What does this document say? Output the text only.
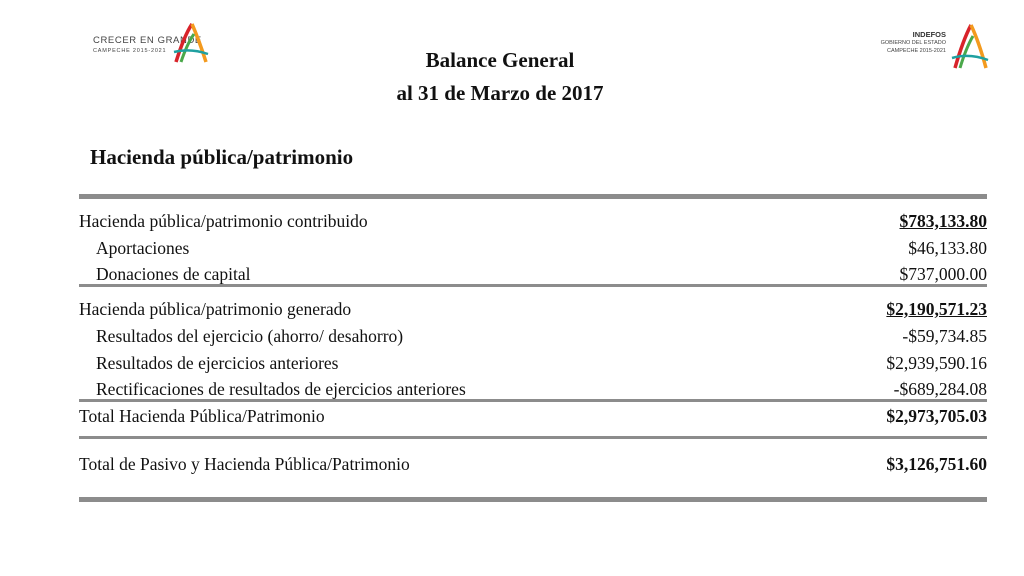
CRECER EN GRANDE
CAMPECHE 2015-2021
INDEFOS
GOBIERNO DEL ESTADO
CAMPECHE 2015-2021
Balance General
al 31 de Marzo de 2017
Hacienda pública/patrimonio
Hacienda pública/patrimonio contribuido	$783,133.80
Aportaciones	$46,133.80
Donaciones de capital	$737,000.00
Hacienda pública/patrimonio generado	$2,190,571.23
Resultados del ejercicio (ahorro/ desahorro)	-$59,734.85
Resultados de ejercicios anteriores	$2,939,590.16
Rectificaciones de resultados de ejercicios anteriores	-$689,284.08
Total Hacienda Pública/Patrimonio	$2,973,705.03
Total de Pasivo y Hacienda Pública/Patrimonio	$3,126,751.60
